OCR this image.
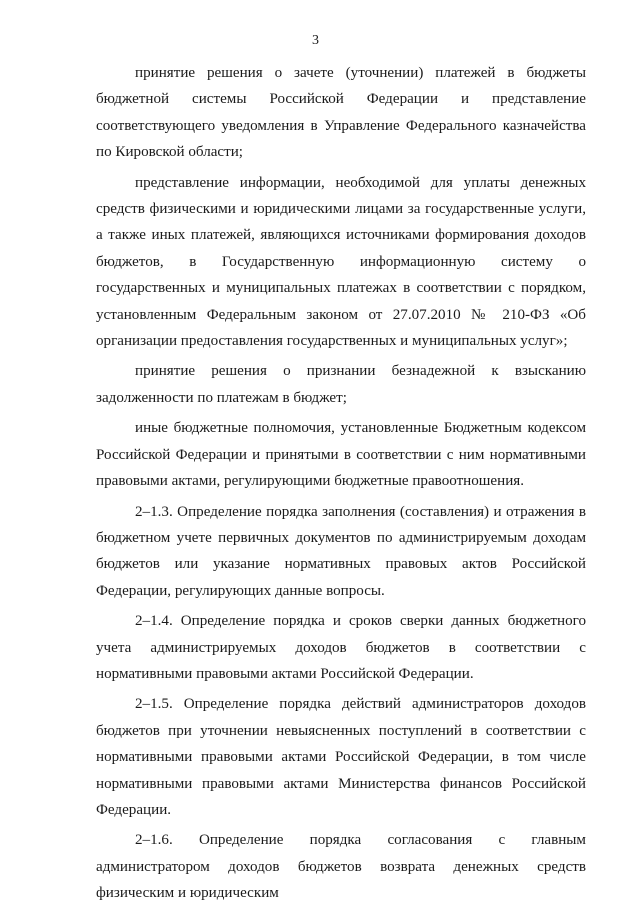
3

принятие решения о зачете (уточнении) платежей в бюджеты бюджетной системы Российской Федерации и представление соответствующего уведомления в Управление Федерального казначейства по Кировской области;

представление информации, необходимой для уплаты денежных средств физическими и юридическими лицами за государственные услуги, а также иных платежей, являющихся источниками формирования доходов бюджетов, в Государственную информационную систему о государственных и муниципальных платежах в соответствии с порядком, установленным Федеральным законом от 27.07.2010 № 210-ФЗ «Об организации предоставления государственных и муниципальных услуг»;

принятие решения о признании безнадежной к взысканию задолженности по платежам в бюджет;

иные бюджетные полномочия, установленные Бюджетным кодексом Российской Федерации и принятыми в соответствии с ним нормативными правовыми актами, регулирующими бюджетные правоотношения.

2–1.3. Определение порядка заполнения (составления) и отражения в бюджетном учете первичных документов по администрируемым доходам бюджетов или указание нормативных правовых актов Российской Федерации, регулирующих данные вопросы.

2–1.4. Определение порядка и сроков сверки данных бюджетного учета администрируемых доходов бюджетов в соответствии с нормативными правовыми актами Российской Федерации.

2–1.5. Определение порядка действий администраторов доходов бюджетов при уточнении невыясненных поступлений в соответствии с нормативными правовыми актами Российской Федерации, в том числе нормативными правовыми актами Министерства финансов Российской Федерации.

2–1.6. Определение порядка согласования с главным администратором доходов бюджетов возврата денежных средств физическим и юридическим
